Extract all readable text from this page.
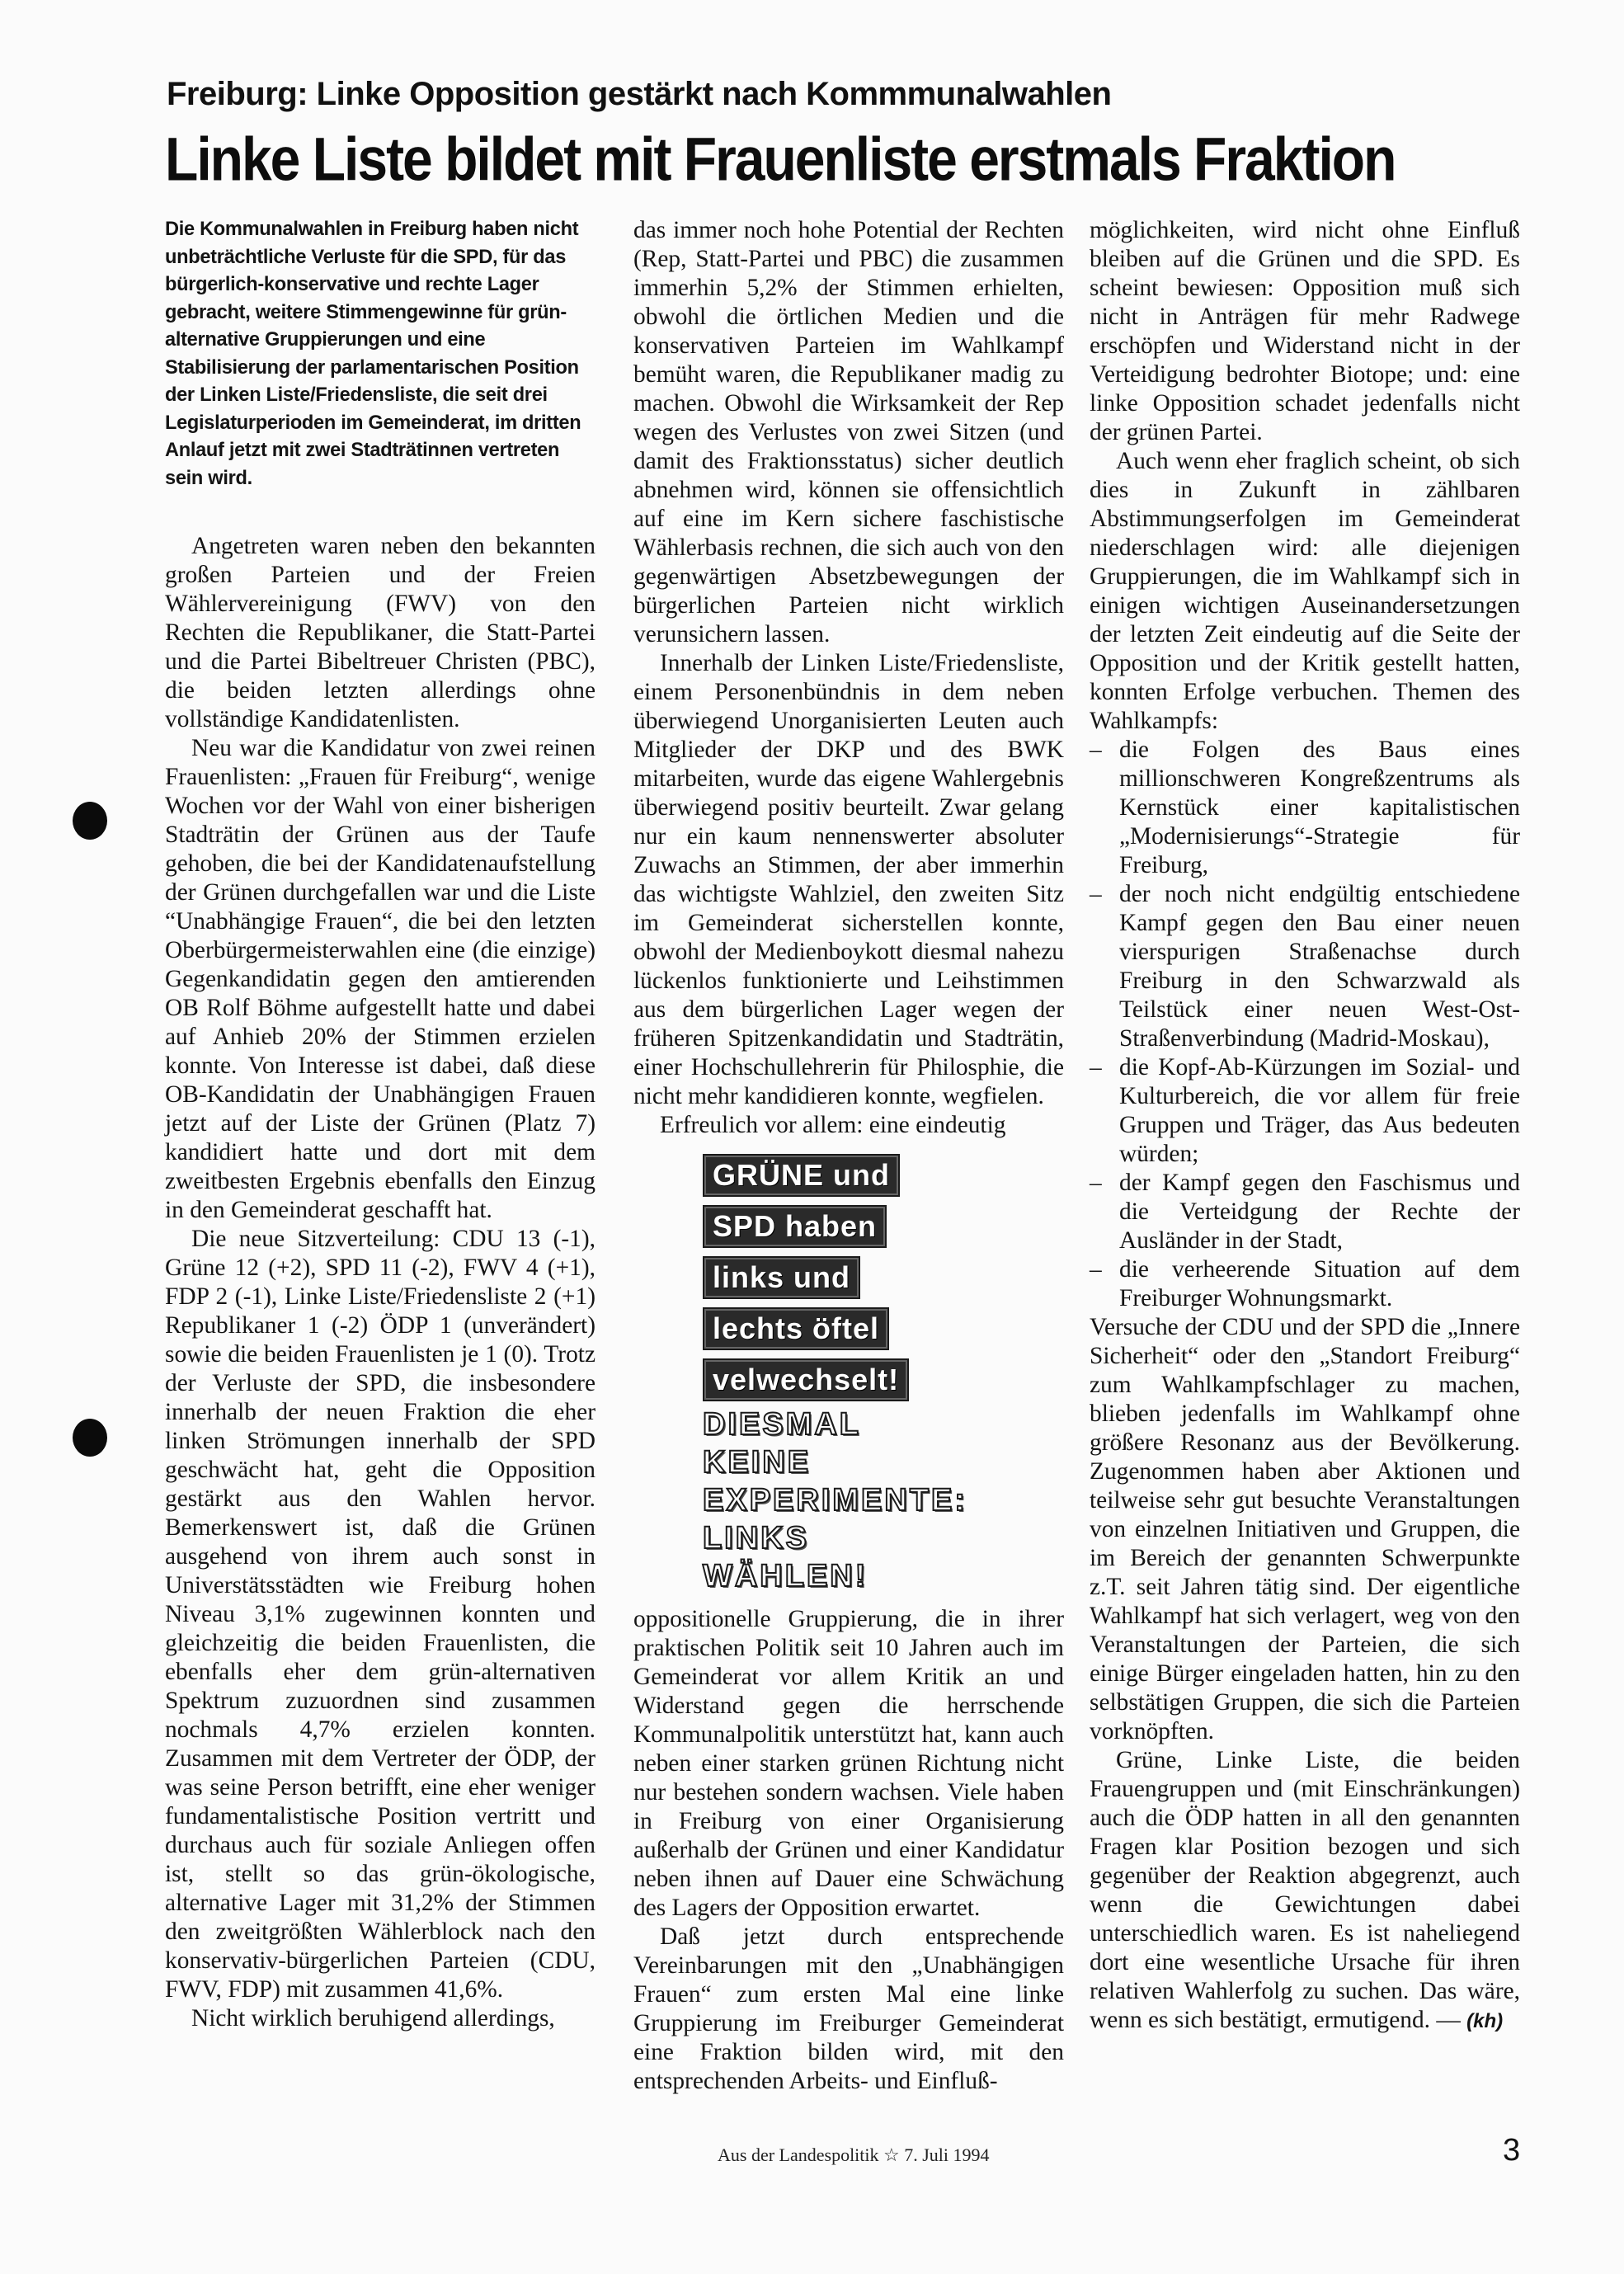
Freiburg: Linke Opposition gestärkt nach Kommmunalwahlen
Linke Liste bildet mit Frauenliste erstmals Fraktion

Die Kommunalwahlen in Freiburg haben nicht unbeträchtliche Verluste für die SPD, für das bürgerlich-konservative und rechte Lager gebracht, weitere Stimmengewinne für grün-alternative Gruppierungen und eine Stabilisierung der parlamentarischen Position der Linken Liste/Friedensliste, die seit drei Legislaturperioden im Gemeinderat, im dritten Anlauf jetzt mit zwei Stadträtinnen vertreten sein wird.

Angetreten waren neben den bekannten großen Parteien und der Freien Wählervereinigung (FWV) von den Rechten die Republikaner, die Statt-Partei und die Partei Bibeltreuer Christen (PBC), die beiden letzten allerdings ohne vollständige Kandidatenlisten.

Neu war die Kandidatur von zwei reinen Frauenlisten: „Frauen für Freiburg“, wenige Wochen vor der Wahl von einer bisherigen Stadträtin der Grünen aus der Taufe gehoben, die bei der Kandidatenaufstellung der Grünen durchgefallen war und die Liste “Unabhängige Frauen“, die bei den letzten Oberbürgermeisterwahlen eine (die einzige) Gegenkandidatin gegen den amtierenden OB Rolf Böhme aufgestellt hatte und dabei auf Anhieb 20% der Stimmen erzielen konnte. Von Interesse ist dabei, daß diese OB-Kandidatin der Unabhängigen Frauen jetzt auf der Liste der Grünen (Platz 7) kandidiert hatte und dort mit dem zweitbesten Ergebnis ebenfalls den Einzug in den Gemeinderat geschafft hat.

Die neue Sitzverteilung: CDU 13 (-1), Grüne 12 (+2), SPD 11 (-2), FWV 4 (+1), FDP 2 (-1), Linke Liste/Friedensliste 2 (+1) Republikaner 1 (-2) ÖDP 1 (unverändert) sowie die beiden Frauenlisten je 1 (0). Trotz der Verluste der SPD, die insbesondere innerhalb der neuen Fraktion die eher linken Strömungen innerhalb der SPD geschwächt hat, geht die Opposition gestärkt aus den Wahlen hervor. Bemerkenswert ist, daß die Grünen ausgehend von ihrem auch sonst in Universtätsstädten wie Freiburg hohen Niveau 3,1% zugewinnen konnten und gleichzeitig die beiden Frauenlisten, die ebenfalls eher dem grün-alternativen Spektrum zuzuordnen sind zusammen nochmals 4,7% erzielen konnten. Zusammen mit dem Vertreter der ÖDP, der was seine Person betrifft, eine eher weniger fundamentalistische Position vertritt und durchaus auch für soziale Anliegen offen ist, stellt so das grün-ökologische, alternative Lager mit 31,2% der Stimmen den zweitgrößten Wählerblock nach den konservativ-bürgerlichen Parteien (CDU, FWV, FDP) mit zusammen 41,6%.

Nicht wirklich beruhigend allerdings,

das immer noch hohe Potential der Rechten (Rep, Statt-Partei und PBC) die zusammen immerhin 5,2% der Stimmen erhielten, obwohl die örtlichen Medien und die konservativen Parteien im Wahlkampf bemüht waren, die Republikaner madig zu machen. Obwohl die Wirksamkeit der Rep wegen des Verlustes von zwei Sitzen (und damit des Fraktionsstatus) sicher deutlich abnehmen wird, können sie offensichtlich auf eine im Kern sichere faschistische Wählerbasis rechnen, die sich auch von den gegenwärtigen Absetzbewegungen der bürgerlichen Parteien nicht wirklich verunsichern lassen.

Innerhalb der Linken Liste/Friedensliste, einem Personenbündnis in dem neben überwiegend Unorganisierten Leuten auch Mitglieder der DKP und des BWK mitarbeiten, wurde das eigene Wahlergebnis überwiegend positiv beurteilt. Zwar gelang nur ein kaum nennenswerter absoluter Zuwachs an Stimmen, der aber immerhin das wichtigste Wahlziel, den zweiten Sitz im Gemeinderat sicherstellen konnte, obwohl der Medienboykott diesmal nahezu lückenlos funktionierte und Leihstimmen aus dem bürgerlichen Lager wegen der früheren Spitzenkandidatin und Stadträtin, einer Hochschullehrerin für Philosphie, die nicht mehr kandidieren konnte, wegfielen.

Erfreulich vor allem: eine eindeutig

GRÜNE und
SPD haben
links und
lechts öftel
velwechselt!
DIESMAL KEINE
EXPERIMENTE:
LINKS WÄHLEN!

oppositionelle Gruppierung, die in ihrer praktischen Politik seit 10 Jahren auch im Gemeinderat vor allem Kritik an und Widerstand gegen die herrschende Kommunalpolitik unterstützt hat, kann auch neben einer starken grünen Richtung nicht nur bestehen sondern wachsen. Viele haben in Freiburg von einer Organisierung außerhalb der Grünen und einer Kandidatur neben ihnen auf Dauer eine Schwächung des Lagers der Opposition erwartet.

Daß jetzt durch entsprechende Vereinbarungen mit den „Unabhängigen Frauen“ zum ersten Mal eine linke Gruppierung im Freiburger Gemeinderat eine Fraktion bilden wird, mit den entsprechenden Arbeits- und Einfluß-

möglichkeiten, wird nicht ohne Einfluß bleiben auf die Grünen und die SPD. Es scheint bewiesen: Opposition muß sich nicht in Anträgen für mehr Radwege erschöpfen und Widerstand nicht in der Verteidigung bedrohter Biotope; und: eine linke Opposition schadet jedenfalls nicht der grünen Partei.

Auch wenn eher fraglich scheint, ob sich dies in Zukunft in zählbaren Abstimmungserfolgen im Gemeinderat niederschlagen wird: alle diejenigen Gruppierungen, die im Wahlkampf sich in einigen wichtigen Auseinandersetzungen der letzten Zeit eindeutig auf die Seite der Opposition und der Kritik gestellt hatten, konnten Erfolge verbuchen. Themen des Wahlkampfs:

– die Folgen des Baus eines millionschweren Kongreßzentrums als Kernstück einer kapitalistischen „Modernisierungs“-Strategie für Freiburg,
– der noch nicht endgültig entschiedene Kampf gegen den Bau einer neuen vierspurigen Straßenachse durch Freiburg in den Schwarzwald als Teilstück einer neuen West-Ost-Straßenverbindung (Madrid-Moskau),
– die Kopf-Ab-Kürzungen im Sozial- und Kulturbereich, die vor allem für freie Gruppen und Träger, das Aus bedeuten würden;
– der Kampf gegen den Faschismus und die Verteidgung der Rechte der Ausländer in der Stadt,
– die verheerende Situation auf dem Freiburger Wohnungsmarkt.

Versuche der CDU und der SPD die „Innere Sicherheit“ oder den „Standort Freiburg“ zum Wahlkampfschlager zu machen, blieben jedenfalls im Wahlkampf ohne größere Resonanz aus der Bevölkerung. Zugenommen haben aber Aktionen und teilweise sehr gut besuchte Veranstaltungen von einzelnen Initiativen und Gruppen, die im Bereich der genannten Schwerpunkte z.T. seit Jahren tätig sind. Der eigentliche Wahlkampf hat sich verlagert, weg von den Veranstaltungen der Parteien, die sich einige Bürger eingeladen hatten, hin zu den selbstätigen Gruppen, die sich die Parteien vorknöpften.

Grüne, Linke Liste, die beiden Frauengruppen und (mit Einschränkungen) auch die ÖDP hatten in all den genannten Fragen klar Position bezogen und sich gegenüber der Reaktion abgegrenzt, auch wenn die Gewichtungen dabei unterschiedlich waren. Es ist naheliegend dort eine wesentliche Ursache für ihren relativen Wahlerfolg zu suchen. Das wäre, wenn es sich bestätigt, ermutigend. — (kh)

Aus der Landespolitik ☆ 7. Juli 1994	3
